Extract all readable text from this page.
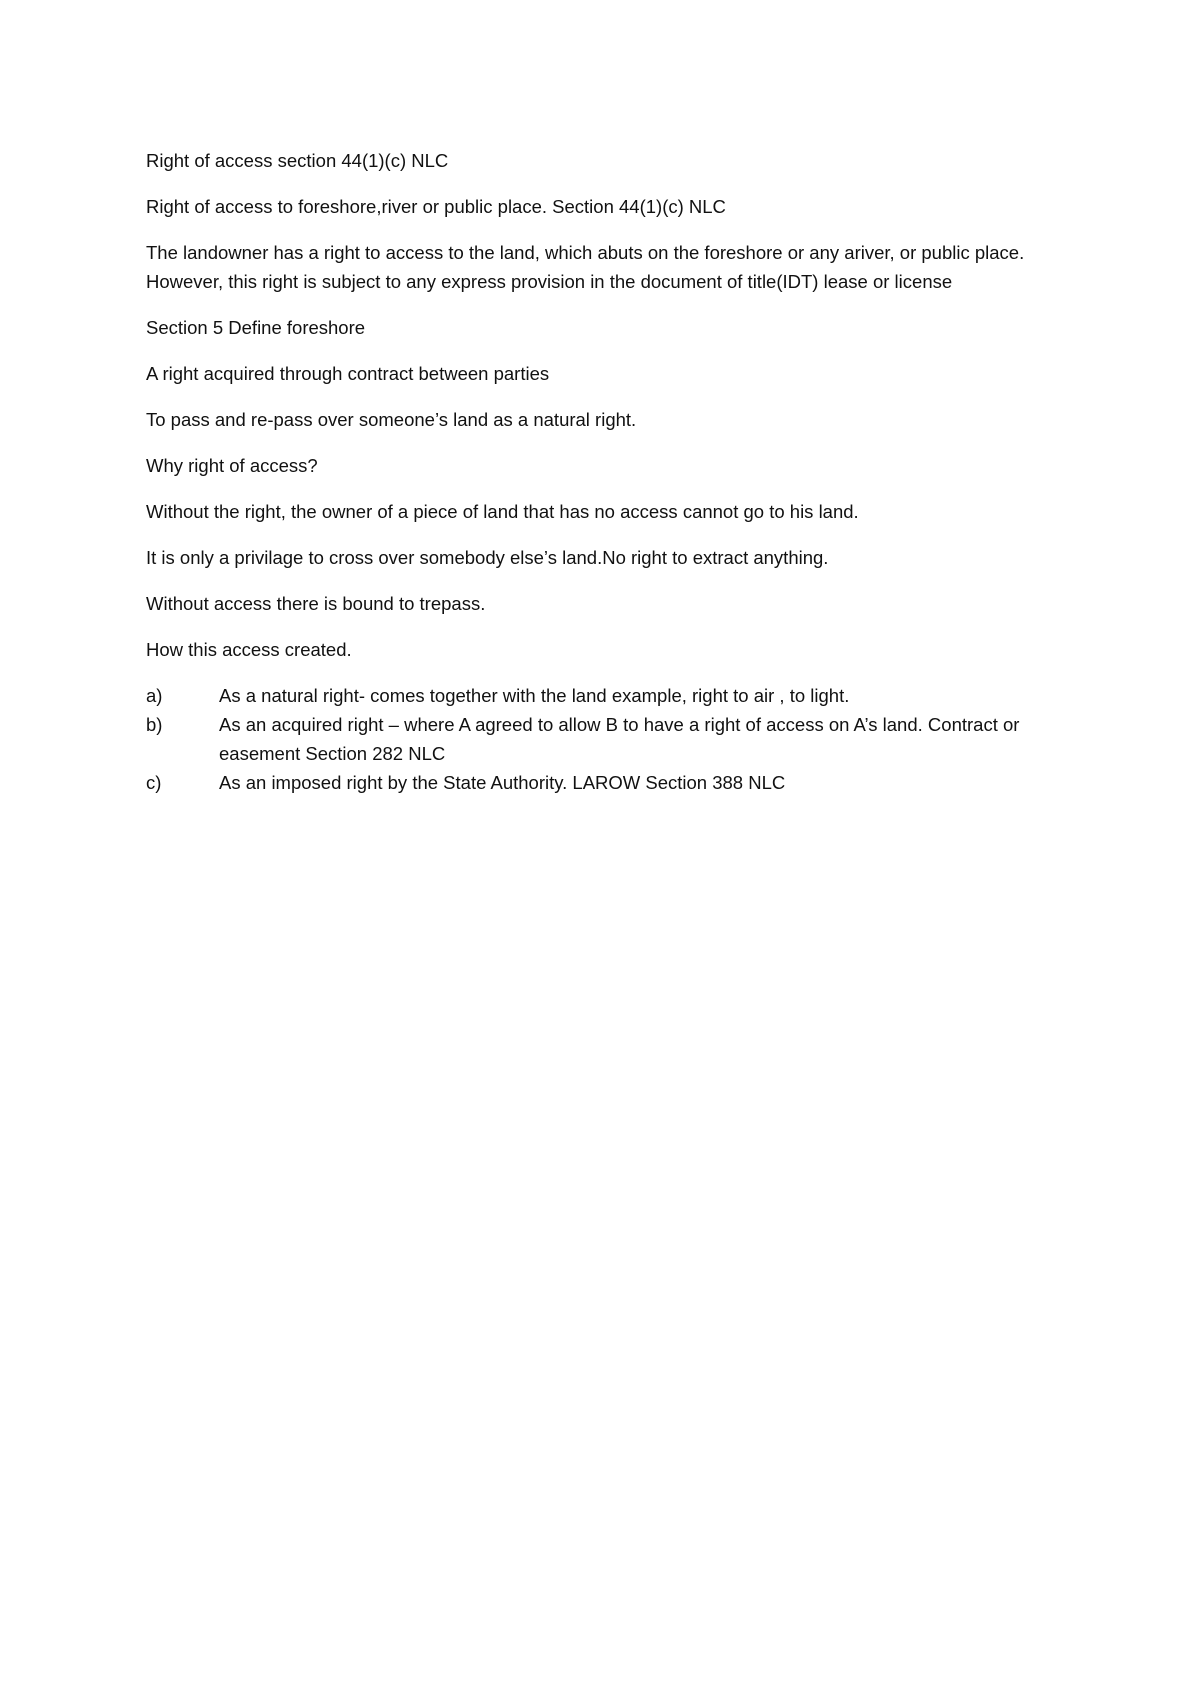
Right of access section 44(1)(c) NLC

Right of access to foreshore,river or public place. Section 44(1)(c) NLC

The landowner has a right to access to the land, which abuts on the foreshore or any ariver, or public place. However, this right is subject to any express provision in the document of title(IDT) lease or license

Section 5 Define foreshore

A right acquired through contract between parties

To pass and re-pass over someone’s land as a natural right.

Why right of access?

Without the right, the owner of a piece of land that has no access cannot go to his land.

It is only a privilage to cross over somebody else’s land.No right to extract anything.

Without access there is bound to trepass.

How this access created.

a)	As a natural right- comes together with the land example, right to air , to light.
b)	As an acquired right – where A agreed to allow B to have a right of access on A’s land. Contract or easement Section 282 NLC
c)	As an imposed right by the State Authority. LAROW Section 388 NLC
